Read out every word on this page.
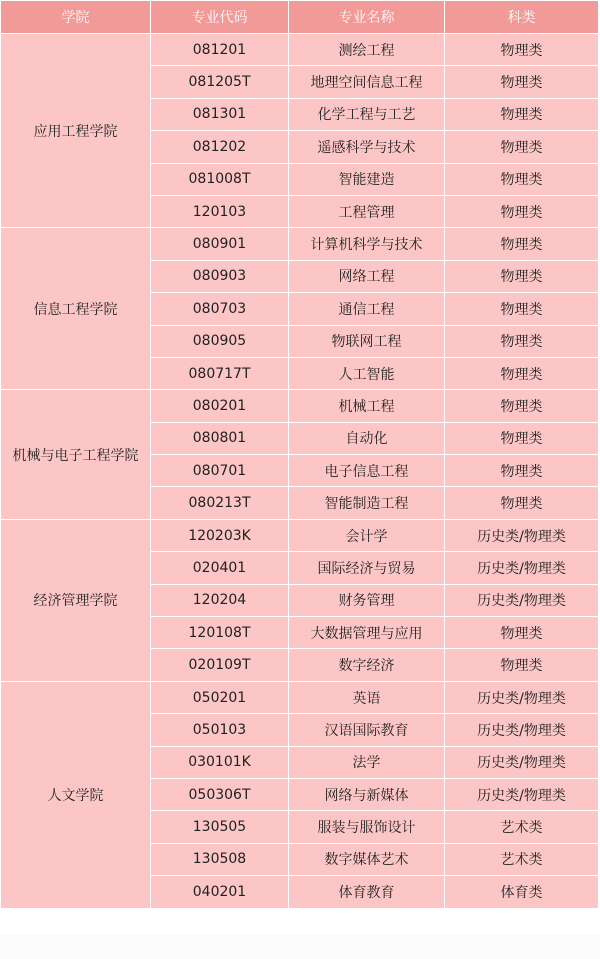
学院	专业代码	专业名称	科类
应用工程学院	081201	测绘工程	物理类
	081205T	地理空间信息工程	物理类
	081301	化学工程与工艺	物理类
	081202	遥感科学与技术	物理类
	081008T	智能建造	物理类
	120103	工程管理	物理类
信息工程学院	080901	计算机科学与技术	物理类
	080903	网络工程	物理类
	080703	通信工程	物理类
	080905	物联网工程	物理类
	080717T	人工智能	物理类
机械与电子工程学院	080201	机械工程	物理类
	080801	自动化	物理类
	080701	电子信息工程	物理类
	080213T	智能制造工程	物理类
经济管理学院	120203K	会计学	历史类/物理类
	020401	国际经济与贸易	历史类/物理类
	120204	财务管理	历史类/物理类
	120108T	大数据管理与应用	物理类
	020109T	数字经济	物理类
人文学院	050201	英语	历史类/物理类
	050103	汉语国际教育	历史类/物理类
	030101K	法学	历史类/物理类
	050306T	网络与新媒体	历史类/物理类
	130505	服装与服饰设计	艺术类
	130508	数字媒体艺术	艺术类
	040201	体育教育	体育类
